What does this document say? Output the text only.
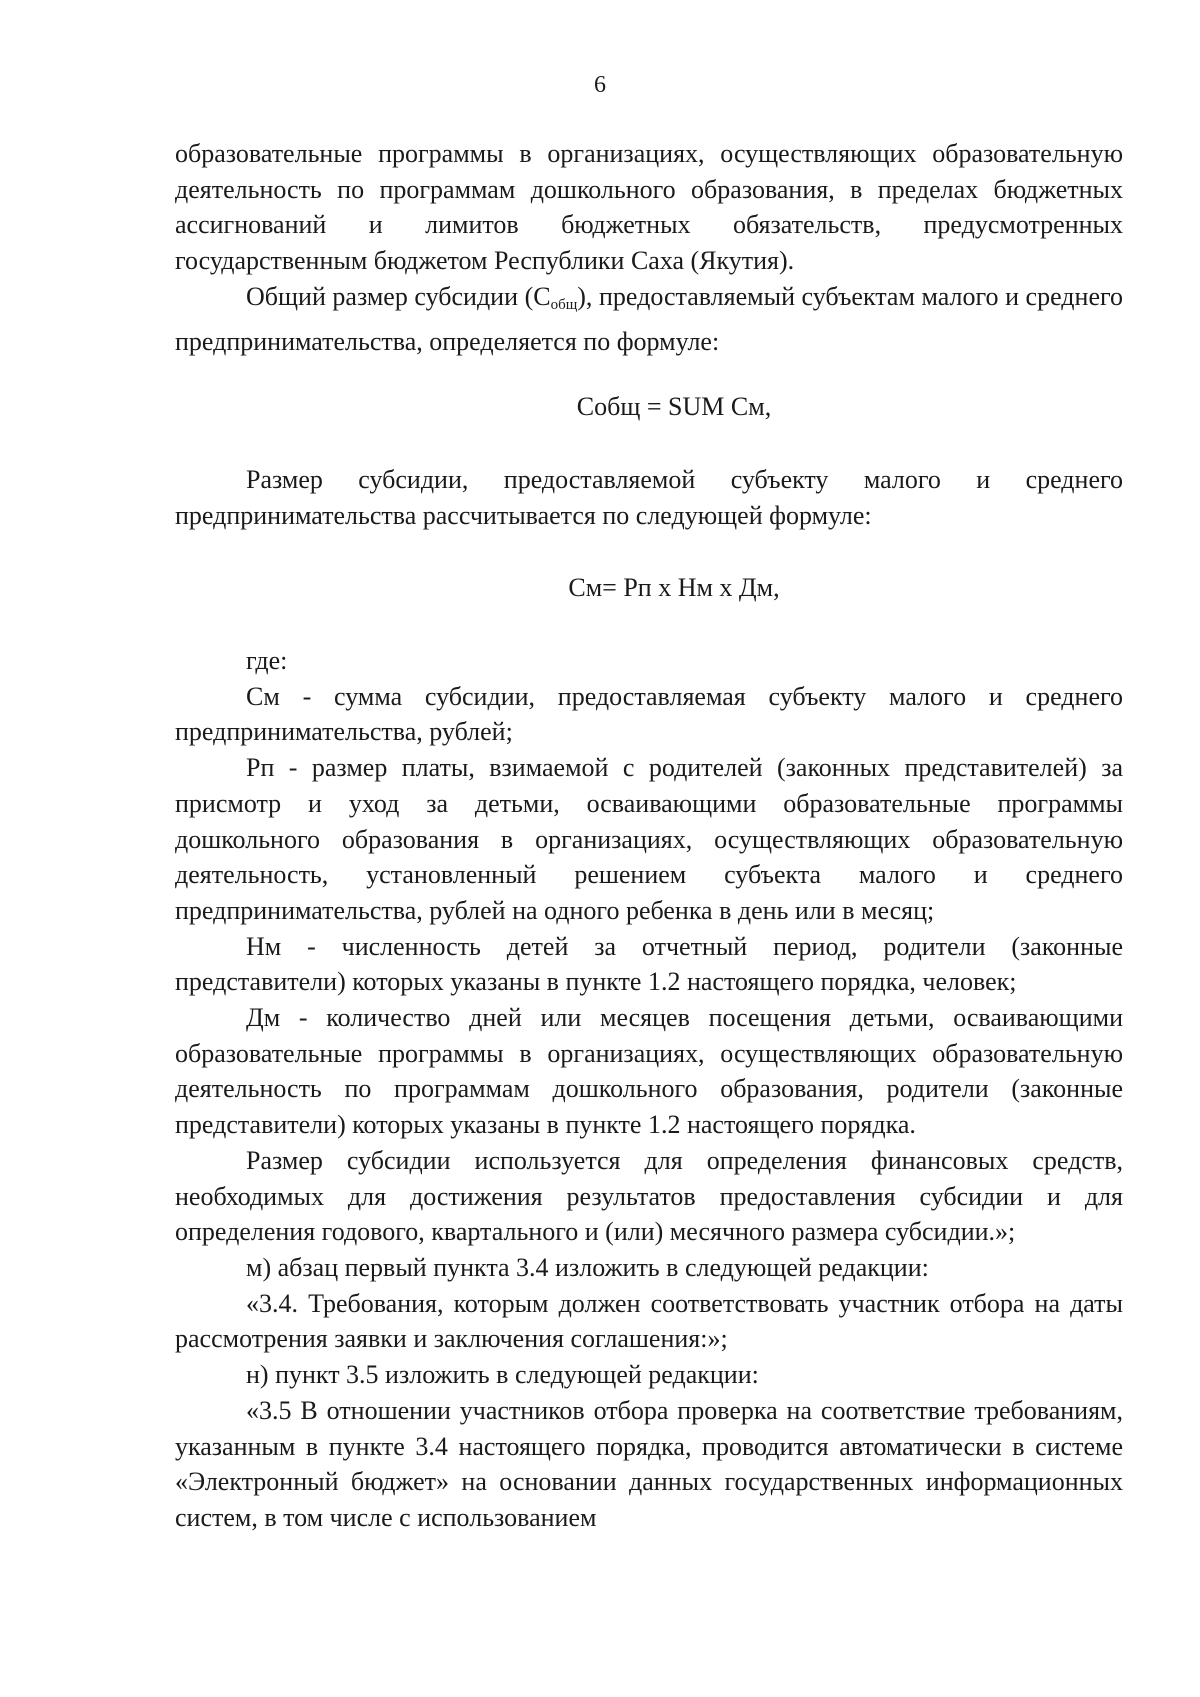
6

образовательные программы в организациях, осуществляющих образовательную деятельность по программам дошкольного образования, в пределах бюджетных ассигнований и лимитов бюджетных обязательств, предусмотренных государственным бюджетом Республики Саха (Якутия).

Общий размер субсидии $(С_{общ})$, предоставляемый субъектам малого и среднего предпринимательства, определяется по формуле:

Собщ = SUM См,

Размер субсидии, предоставляемой субъекту малого и среднего предпринимательства рассчитывается по следующей формуле:

См= Рп х Нм х Дм,

где:

См - сумма субсидии, предоставляемая субъекту малого и среднего предпринимательства, рублей;

Рп - размер платы, взимаемой с родителей (законных представителей) за присмотр и уход за детьми, осваивающими образовательные программы дошкольного образования в организациях, осуществляющих образовательную деятельность, установленный решением субъекта малого и среднего предпринимательства, рублей на одного ребенка в день или в месяц;

Нм - численность детей за отчетный период, родители (законные представители) которых указаны в пункте 1.2 настоящего порядка, человек;

Дм - количество дней или месяцев посещения детьми, осваивающими образовательные программы в организациях, осуществляющих образовательную деятельность по программам дошкольного образования, родители (законные представители) которых указаны в пункте 1.2 настоящего порядка.

Размер субсидии используется для определения финансовых средств, необходимых для достижения результатов предоставления субсидии и для определения годового, квартального и (или) месячного размера субсидии.»;

м) абзац первый пункта 3.4 изложить в следующей редакции:

«3.4. Требования, которым должен соответствовать участник отбора на даты рассмотрения заявки и заключения соглашения:»;

н) пункт 3.5 изложить в следующей редакции:

«3.5 В отношении участников отбора проверка на соответствие требованиям, указанным в пункте 3.4 настоящего порядка, проводится автоматически в системе «Электронный бюджет» на основании данных государственных информационных систем, в том числе с использованием
